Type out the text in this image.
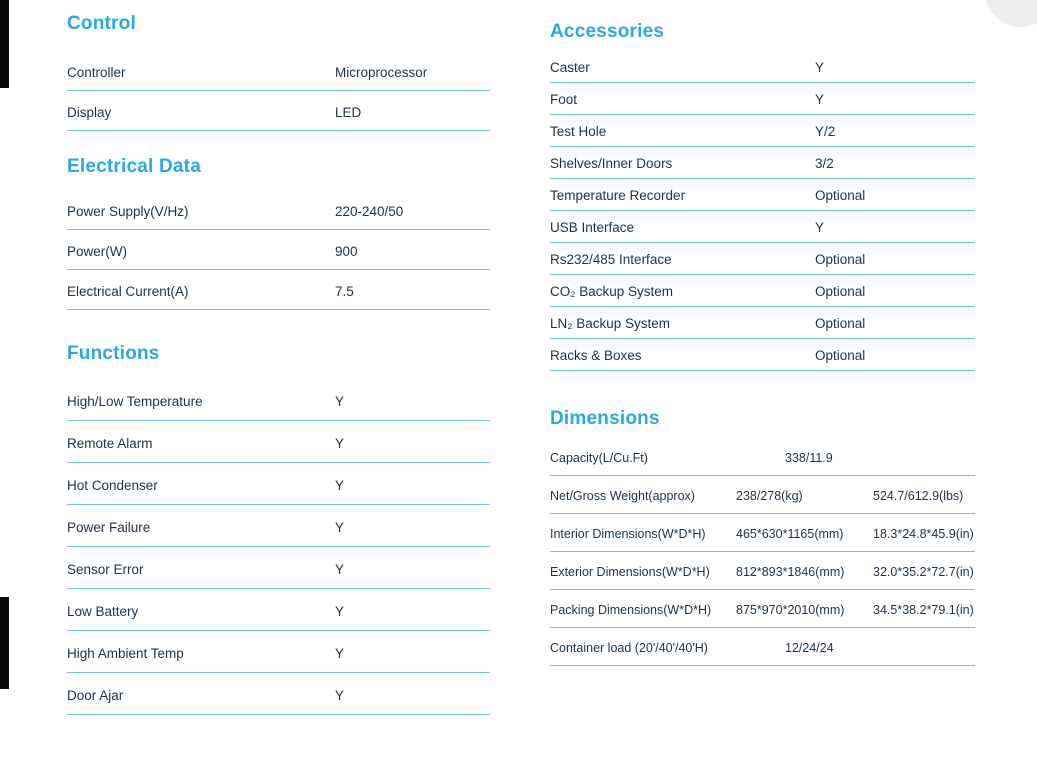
Control
Controller	Microprocessor
Display	LED
Electrical Data
Power Supply(V/Hz)	220-240/50
Power(W)	900
Electrical Current(A)	7.5
Functions
High/Low Temperature	Y
Remote Alarm	Y
Hot Condenser	Y
Power Failure	Y
Sensor Error	Y
Low Battery	Y
High Ambient Temp	Y
Door Ajar	Y
Accessories
Caster	Y
Foot	Y
Test Hole	Y/2
Shelves/Inner Doors	3/2
Temperature Recorder	Optional
USB Interface	Y
Rs232/485 Interface	Optional
CO₂ Backup System	Optional
LN₂ Backup System	Optional
Racks & Boxes	Optional
Dimensions
Capacity(L/Cu.Ft)	338/11.9
Net/Gross Weight(approx)	238/278(kg)	524.7/612.9(lbs)
Interior Dimensions(W*D*H)	465*630*1165(mm)	18.3*24.8*45.9(in)
Exterior Dimensions(W*D*H)	812*893*1846(mm)	32.0*35.2*72.7(in)
Packing Dimensions(W*D*H)	875*970*2010(mm)	34.5*38.2*79.1(in)
Container load (20'/40'/40'H)	12/24/24
